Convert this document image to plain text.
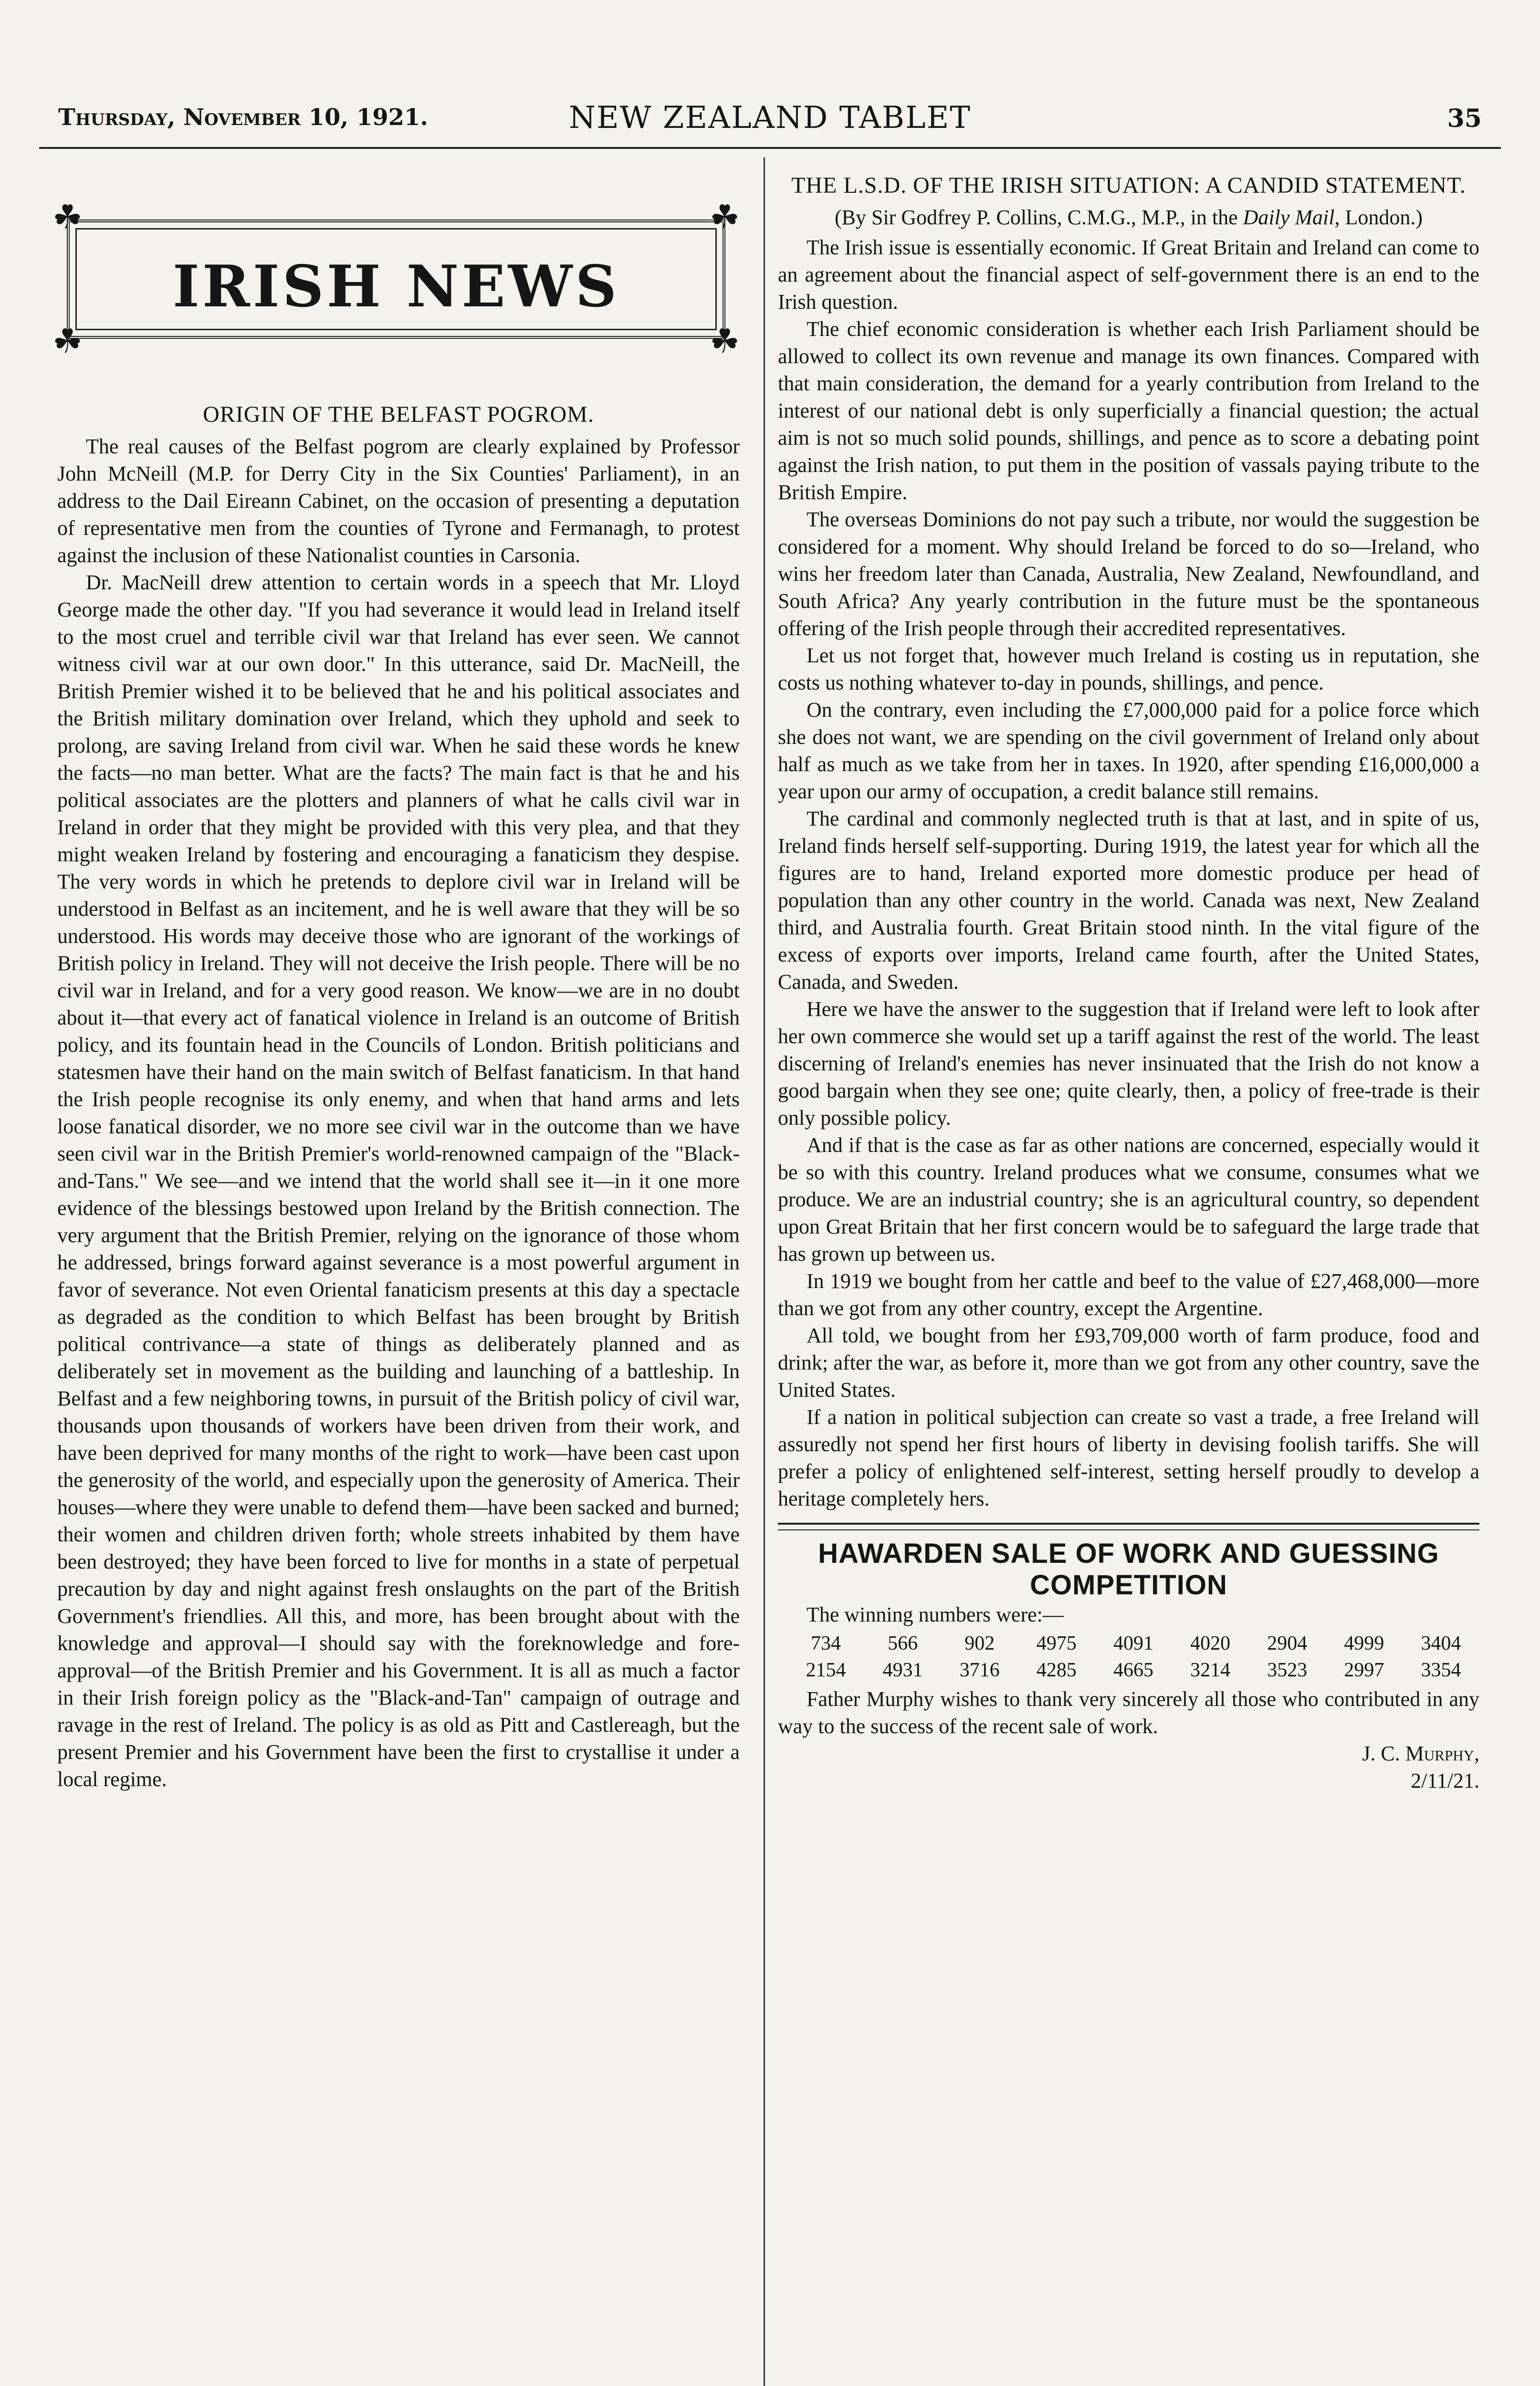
Thursday, November 10, 1921.	NEW ZEALAND TABLET	35
☘	☘
☘	☘
IRISH NEWS
ORIGIN OF THE BELFAST POGROM.

The real causes of the Belfast pogrom are clearly explained by Professor John McNeill (M.P. for Derry City in the Six Counties' Parliament), in an address to the Dail Eireann Cabinet, on the occasion of presenting a deputation of representative men from the counties of Tyrone and Fermanagh, to protest against the inclusion of these Nationalist counties in Carsonia.

Dr. MacNeill drew attention to certain words in a speech that Mr. Lloyd George made the other day. "If you had severance it would lead in Ireland itself to the most cruel and terrible civil war that Ireland has ever seen. We cannot witness civil war at our own door." In this utterance, said Dr. MacNeill, the British Premier wished it to be believed that he and his political associates and the British military domination over Ireland, which they uphold and seek to prolong, are saving Ireland from civil war. When he said these words he knew the facts—no man better. What are the facts? The main fact is that he and his political associates are the plotters and planners of what he calls civil war in Ireland in order that they might be provided with this very plea, and that they might weaken Ireland by fostering and encouraging a fanaticism they despise. The very words in which he pretends to deplore civil war in Ireland will be understood in Belfast as an incitement, and he is well aware that they will be so understood. His words may deceive those who are ignorant of the workings of British policy in Ireland. They will not deceive the Irish people. There will be no civil war in Ireland, and for a very good reason. We know—we are in no doubt about it—that every act of fanatical violence in Ireland is an outcome of British policy, and its fountain head in the Councils of London. British politicians and statesmen have their hand on the main switch of Belfast fanaticism. In that hand the Irish people recognise its only enemy, and when that hand arms and lets loose fanatical disorder, we no more see civil war in the outcome than we have seen civil war in the British Premier's world-renowned campaign of the "Black-and-Tans." We see—and we intend that the world shall see it—in it one more evidence of the blessings bestowed upon Ireland by the British connection. The very argument that the British Premier, relying on the ignorance of those whom he addressed, brings forward against severance is a most powerful argument in favor of severance. Not even Oriental fanaticism presents at this day a spectacle as degraded as the condition to which Belfast has been brought by British political contrivance—a state of things as deliberately planned and as deliberately set in movement as the building and launching of a battleship. In Belfast and a few neighboring towns, in pursuit of the British policy of civil war, thousands upon thousands of workers have been driven from their work, and have been deprived for many months of the right to work—have been cast upon the generosity of the world, and especially upon the generosity of America. Their houses—where they were unable to defend them—have been sacked and burned; their women and children driven forth; whole streets inhabited by them have been destroyed; they have been forced to live for months in a state of perpetual precaution by day and night against fresh onslaughts on the part of the British Government's friendlies. All this, and more, has been brought about with the knowledge and approval—I should say with the foreknowledge and fore-approval—of the British Premier and his Government. It is all as much a factor in their Irish foreign policy as the "Black-and-Tan" campaign of outrage and ravage in the rest of Ireland. The policy is as old as Pitt and Castlereagh, but the present Premier and his Government have been the first to crystallise it under a local regime.

THE L.S.D. OF THE IRISH SITUATION: A CANDID STATEMENT.

(By Sir Godfrey P. Collins, C.M.G., M.P., in the Daily Mail, London.)

The Irish issue is essentially economic. If Great Britain and Ireland can come to an agreement about the financial aspect of self-government there is an end to the Irish question.

The chief economic consideration is whether each Irish Parliament should be allowed to collect its own revenue and manage its own finances. Compared with that main consideration, the demand for a yearly contribution from Ireland to the interest of our national debt is only superficially a financial question; the actual aim is not so much solid pounds, shillings, and pence as to score a debating point against the Irish nation, to put them in the position of vassals paying tribute to the British Empire.

The overseas Dominions do not pay such a tribute, nor would the suggestion be considered for a moment. Why should Ireland be forced to do so—Ireland, who wins her freedom later than Canada, Australia, New Zealand, Newfoundland, and South Africa? Any yearly contribution in the future must be the spontaneous offering of the Irish people through their accredited representatives.

Let us not forget that, however much Ireland is costing us in reputation, she costs us nothing whatever to-day in pounds, shillings, and pence.

On the contrary, even including the £7,000,000 paid for a police force which she does not want, we are spending on the civil government of Ireland only about half as much as we take from her in taxes. In 1920, after spending £16,000,000 a year upon our army of occupation, a credit balance still remains.

The cardinal and commonly neglected truth is that at last, and in spite of us, Ireland finds herself self-supporting. During 1919, the latest year for which all the figures are to hand, Ireland exported more domestic produce per head of population than any other country in the world. Canada was next, New Zealand third, and Australia fourth. Great Britain stood ninth. In the vital figure of the excess of exports over imports, Ireland came fourth, after the United States, Canada, and Sweden.

Here we have the answer to the suggestion that if Ireland were left to look after her own commerce she would set up a tariff against the rest of the world. The least discerning of Ireland's enemies has never insinuated that the Irish do not know a good bargain when they see one; quite clearly, then, a policy of free-trade is their only possible policy.

And if that is the case as far as other nations are concerned, especially would it be so with this country. Ireland produces what we consume, consumes what we produce. We are an industrial country; she is an agricultural country, so dependent upon Great Britain that her first concern would be to safeguard the large trade that has grown up between us.

In 1919 we bought from her cattle and beef to the value of £27,468,000—more than we got from any other country, except the Argentine.

All told, we bought from her £93,709,000 worth of farm produce, food and drink; after the war, as before it, more than we got from any other country, save the United States.

If a nation in political subjection can create so vast a trade, a free Ireland will assuredly not spend her first hours of liberty in devising foolish tariffs. She will prefer a policy of enlightened self-interest, setting herself proudly to develop a heritage completely hers.

HAWARDEN SALE OF WORK AND GUESSING
COMPETITION

The winning numbers were:—

734	566	902	4975	4091	4020	2904	4999	3404
2154	4931	3716	4285	4665	3214	3523	2997	3354

Father Murphy wishes to thank very sincerely all those who contributed in any way to the success of the recent sale of work.

J. C. Murphy,

2/11/21.
